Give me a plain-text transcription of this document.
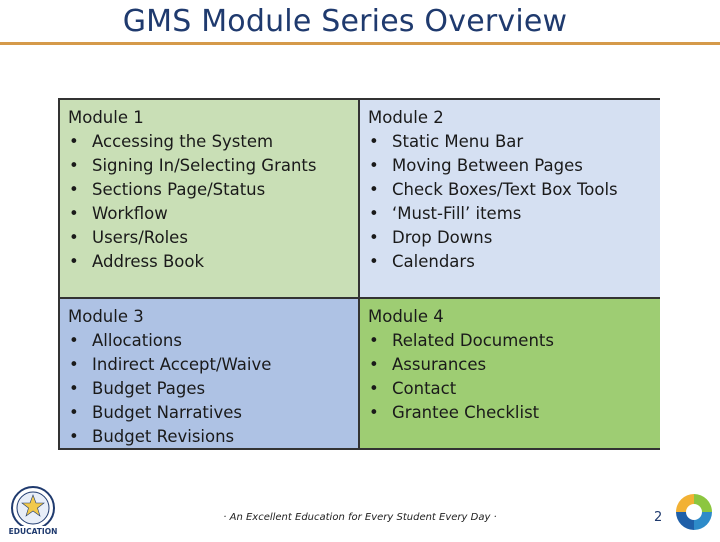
GMS Module Series Overview
Module 1
• Accessing the System
• Signing In/Selecting Grants
• Sections Page/Status
• Workflow
• Users/Roles
• Address Book
Module 2
• Static Menu Bar
• Moving Between Pages
• Check Boxes/Text Box Tools
• ‘Must-Fill’ items
• Drop Downs
• Calendars
Module 3
• Allocations
• Indirect Accept/Waive
• Budget Pages
• Budget Narratives
• Budget Revisions
Module 4
• Related Documents
• Assurances
• Contact
• Grantee Checklist
EDUCATION
· An Excellent Education for Every Student Every Day ·	2
